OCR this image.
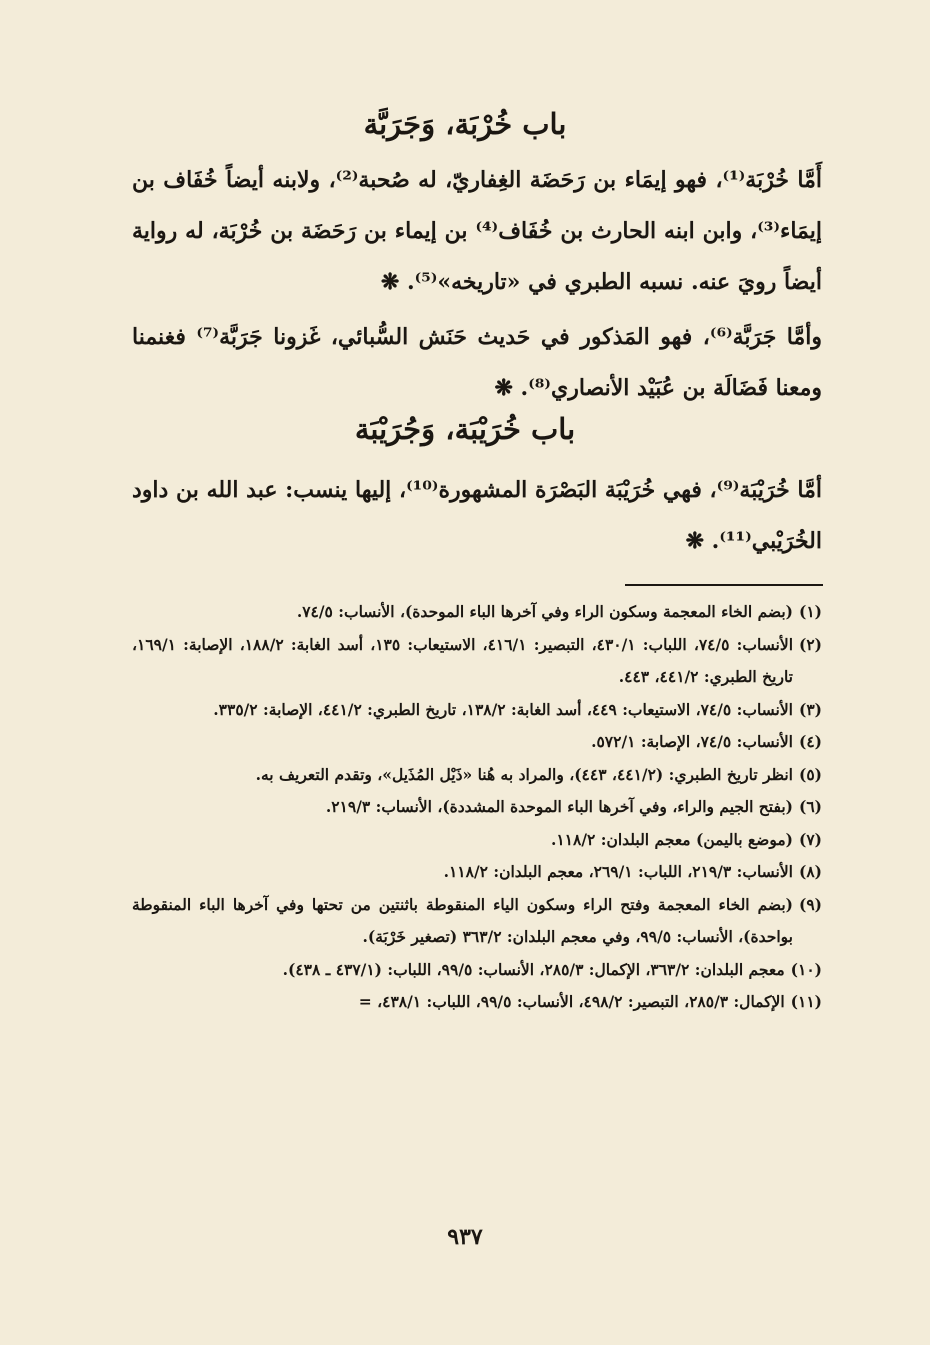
باب خُرْبَة، وَجَرَبَّة

أَمَّا خُرْبَة⁽¹⁾، فهو إيمَاء بن رَحَضَة الغِفاريّ، له صُحبة⁽²⁾، ولابنه أيضاً خُفَاف بن إيمَاء⁽³⁾، وابن ابنه الحارث بن خُفَاف⁽⁴⁾ بن إيماء بن رَحَضَة بن خُرْبَة، له رواية أيضاً رويَ عنه. نسبه الطبري في «تاريخه»⁽⁵⁾. ❋

وأمَّا جَرَبَّة⁽⁶⁾، فهو المَذكور في حَديث حَنَش السُّبائي، غَزونا جَرَبَّة⁽⁷⁾ فغنمنا ومعنا فَضَالَة بن عُبَيْد الأنصاري⁽⁸⁾. ❋

باب خُرَيْبَة، وَجُرَيْبَة

أمَّا خُرَيْبَة⁽⁹⁾، فهي خُرَيْبَة البَصْرَة المشهورة⁽¹⁰⁾، إليها ينسب: عبد الله بن داود الخُرَيْبي⁽¹¹⁾. ❋

(١)
(بضم الخاء المعجمة وسكون الراء وفي آخرها الباء الموحدة)، الأنساب: ٧٤/٥.
(٢)
الأنساب: ٧٤/٥، اللباب: ٤٣٠/١، التبصير: ٤١٦/١، الاستيعاب: ١٣٥، أسد الغابة: ١٨٨/٢، الإصابة: ١٦٩/١، تاريخ الطبري: ٤٤١/٢، ٤٤٣.
(٣)
الأنساب: ٧٤/٥، الاستيعاب: ٤٤٩، أسد الغابة: ١٣٨/٢، تاريخ الطبري: ٤٤١/٢، الإصابة: ٣٣٥/٢.
(٤)
الأنساب: ٧٤/٥، الإصابة: ٥٧٢/١.
(٥)
انظر تاريخ الطبري: (٤٤١/٢، ٤٤٣)، والمراد به هُنا «ذَيْل المُذَيل»، وتقدم التعريف به.
(٦)
(بفتح الجيم والراء، وفي آخرها الباء الموحدة المشددة)، الأنساب: ٢١٩/٣.
(٧)
(موضع باليمن) معجم البلدان: ١١٨/٢.
(٨)
الأنساب: ٢١٩/٣، اللباب: ٢٦٩/١، معجم البلدان: ١١٨/٢.
(٩)
(بضم الخاء المعجمة وفتح الراء وسكون الياء المنقوطة باثنتين من تحتها وفي آخرها الباء المنقوطة بواحدة)، الأنساب: ٩٩/٥، وفي معجم البلدان: ٣٦٣/٢ (تصغير خَرْبَة).
(١٠)
معجم البلدان: ٣٦٣/٢، الإكمال: ٢٨٥/٣، الأنساب: ٩٩/٥، اللباب: (٤٣٧/١ ـ ٤٣٨).
(١١)
الإكمال: ٢٨٥/٣، التبصير: ٤٩٨/٢، الأنساب: ٩٩/٥، اللباب: ٤٣٨/١، =
٩٣٧
